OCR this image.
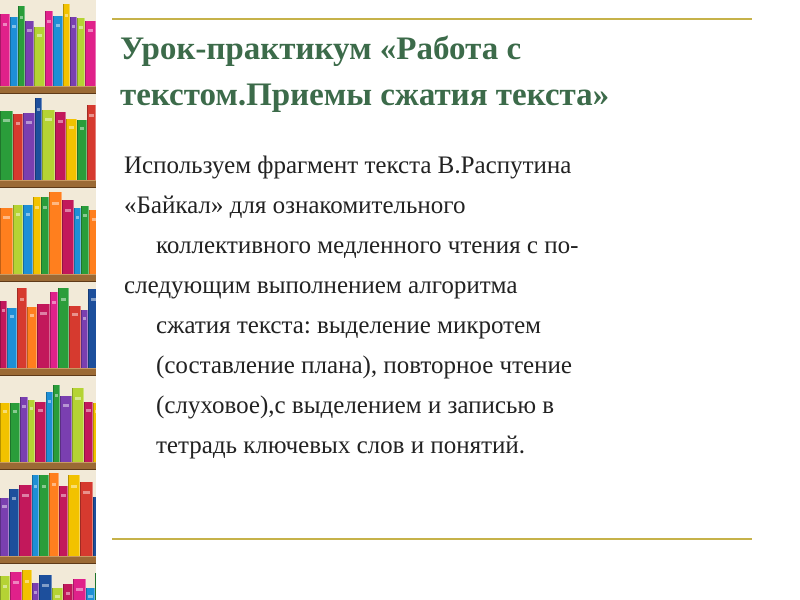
Урок-практикум «Работа с
текстом.Приемы сжатия текста»
Используем фрагмент текста В.Распутина
«Байкал» для ознакомительного
коллективного медленного чтения с по-
следующим выполнением алгоритма
сжатия текста: выделение микротем
(составление плана), повторное чтение
(слуховое),с выделением и записью в
тетрадь ключевых слов и понятий.
